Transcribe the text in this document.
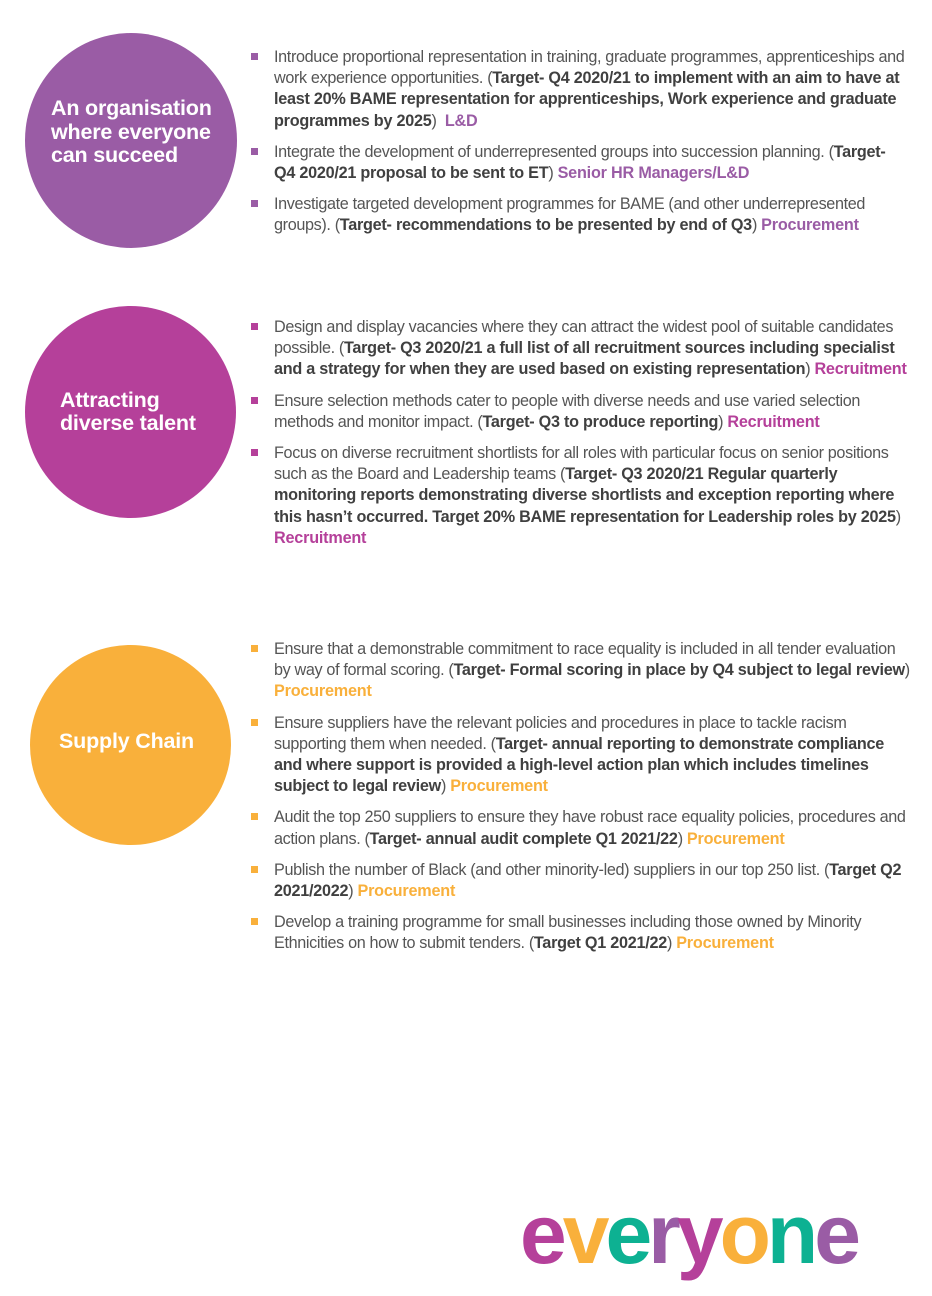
An organisation where everyone can succeed
Attracting diverse talent
Supply Chain
Introduce proportional representation in training, graduate programmes, apprenticeships and work experience opportunities. (Target- Q4 2020/21 to implement with an aim to have at least 20% BAME representation for apprenticeships, Work experience and graduate programmes by 2025)  L&D
Integrate the development of underrepresented groups into succession planning. (Target- Q4 2020/21 proposal to be sent to ET) Senior HR Managers/L&D
Investigate targeted development programmes for BAME (and other underrepresented groups). (Target- recommendations to be presented by end of Q3) Procurement
Design and display vacancies where they can attract the widest pool of suitable candidates possible. (Target- Q3 2020/21 a full list of all recruitment sources including specialist and a strategy for when they are used based on existing representation) Recruitment
Ensure selection methods cater to people with diverse needs and use varied selection methods and monitor impact. (Target- Q3 to produce reporting) Recruitment
Focus on diverse recruitment shortlists for all roles with particular focus on senior positions such as the Board and Leadership teams (Target- Q3 2020/21 Regular quarterly monitoring reports demonstrating diverse shortlists and exception reporting where this hasn’t occurred. Target 20% BAME representation for Leadership roles by 2025) Recruitment
Ensure that a demonstrable commitment to race equality is included in all tender evaluation by way of formal scoring. (Target- Formal scoring in place by Q4 subject to legal review) Procurement
Ensure suppliers have the relevant policies and procedures in place to tackle racism supporting them when needed. (Target- annual reporting to demonstrate compliance and where support is provided a high-level action plan which includes timelines subject to legal review) Procurement
Audit the top 250 suppliers to ensure they have robust race equality policies, procedures and action plans. (Target- annual audit complete Q1 2021/22) Procurement
Publish the number of Black (and other minority-led) suppliers in our top 250 list. (Target Q2 2021/2022) Procurement
Develop a training programme for small businesses including those owned by Minority Ethnicities on how to submit tenders. (Target Q1 2021/22) Procurement
everyone
